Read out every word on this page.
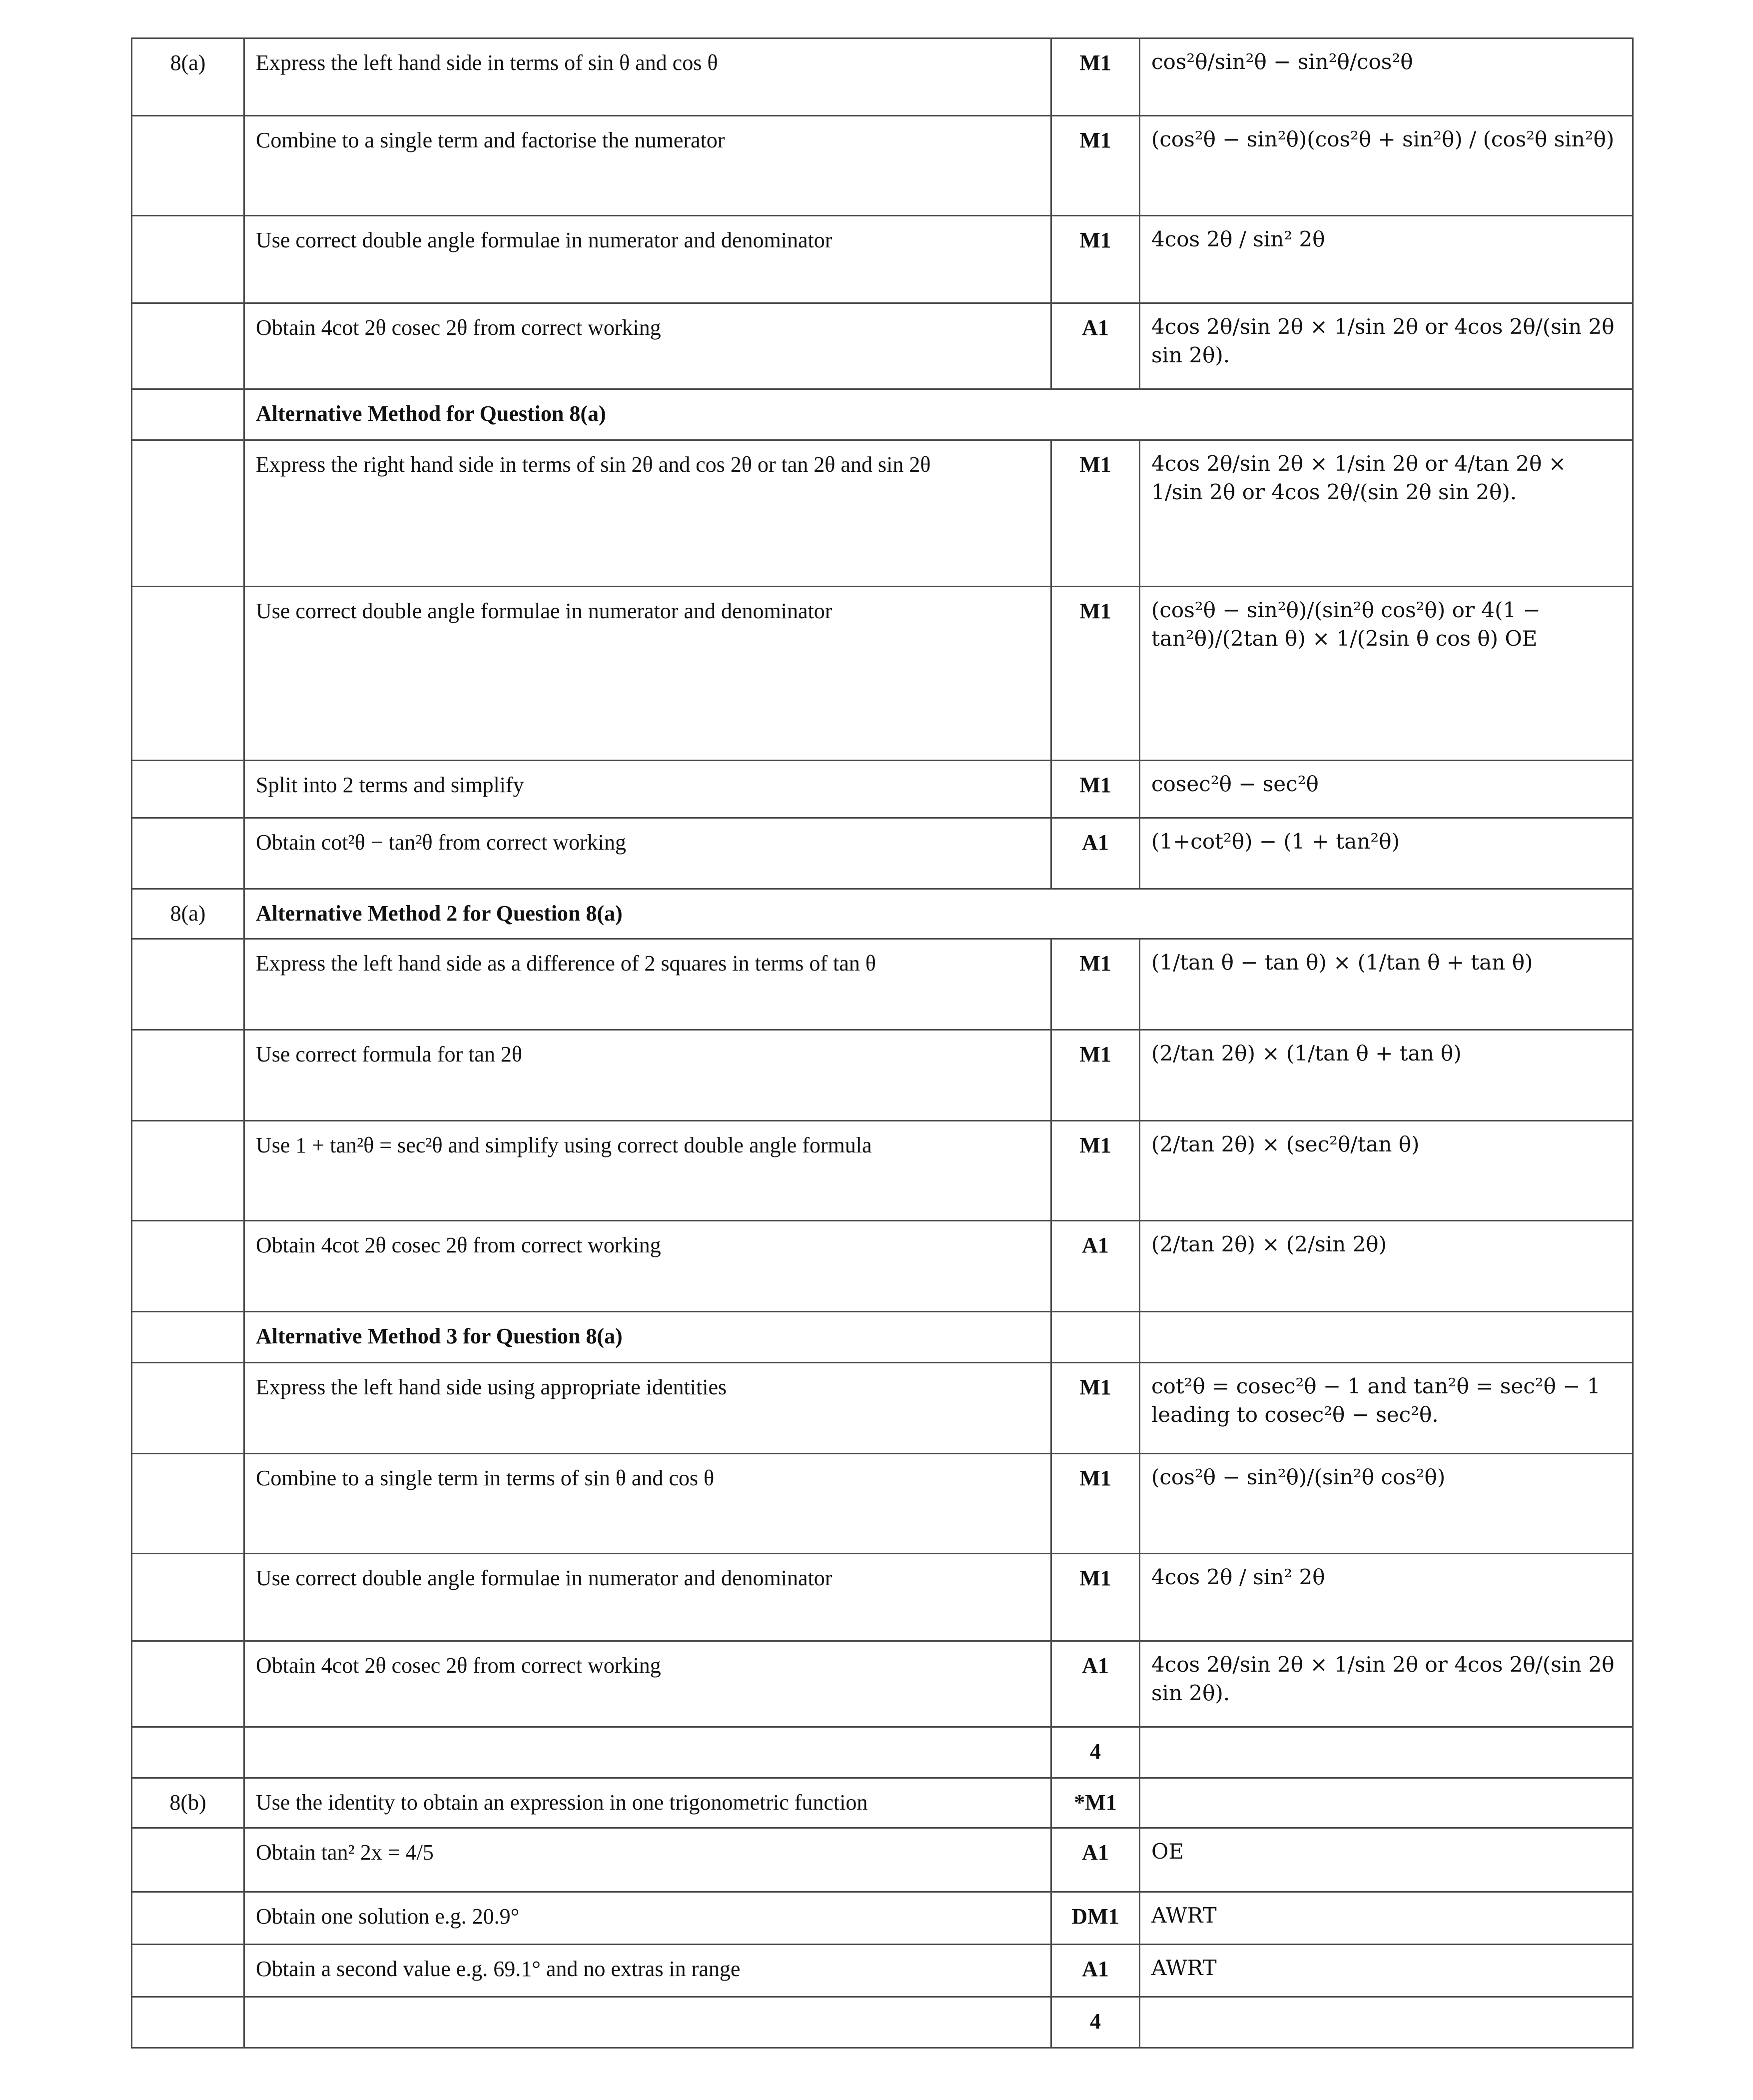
8(a)	Express the left hand side in terms of sin θ and cos θ	M1	cos²θ/sin²θ − sin²θ/cos²θ
	Combine to a single term and factorise the numerator	M1	(cos²θ − sin²θ)(cos²θ + sin²θ) / (cos²θ sin²θ)
	Use correct double angle formulae in numerator and denominator	M1	4cos 2θ / sin² 2θ
	Obtain 4cot 2θ cosec 2θ from correct working	A1	4cos 2θ/sin 2θ × 1/sin 2θ or 4cos 2θ/(sin 2θ sin 2θ).
	Alternative Method for Question 8(a)		
	Express the right hand side in terms of sin 2θ and cos 2θ or tan 2θ and sin 2θ	M1	4cos 2θ/sin 2θ × 1/sin 2θ or 4/tan 2θ × 1/sin 2θ or 4cos 2θ/(sin 2θ sin 2θ).
	Use correct double angle formulae in numerator and denominator	M1	(cos²θ − sin²θ)/(sin²θ cos²θ) or 4(1 − tan²θ)/(2tan θ) × 1/(2sin θ cos θ) OE
	Split into 2 terms and simplify	M1	cosec²θ − sec²θ
	Obtain cot²θ − tan²θ from correct working	A1	(1+cot²θ) − (1 + tan²θ)
8(a)	Alternative Method 2 for Question 8(a)		
	Express the left hand side as a difference of 2 squares in terms of tan θ	M1	(1/tan θ − tan θ) × (1/tan θ + tan θ)
	Use correct formula for tan 2θ	M1	(2/tan 2θ) × (1/tan θ + tan θ)
	Use 1 + tan²θ = sec²θ and simplify using correct double angle formula	M1	(2/tan 2θ) × (sec²θ/tan θ)
	Obtain 4cot 2θ cosec 2θ from correct working	A1	(2/tan 2θ) × (2/sin 2θ)
	Alternative Method 3 for Question 8(a)		
	Express the left hand side using appropriate identities	M1	cot²θ = cosec²θ − 1 and tan²θ = sec²θ − 1 leading to cosec²θ − sec²θ.
	Combine to a single term in terms of sin θ and cos θ	M1	(cos²θ − sin²θ)/(sin²θ cos²θ)
	Use correct double angle formulae in numerator and denominator	M1	4cos 2θ / sin² 2θ
	Obtain 4cot 2θ cosec 2θ from correct working	A1	4cos 2θ/sin 2θ × 1/sin 2θ or 4cos 2θ/(sin 2θ sin 2θ).
		4	
8(b)	Use the identity to obtain an expression in one trigonometric function	*M1	
	Obtain tan² 2x = 4/5	A1	OE
	Obtain one solution e.g. 20.9°	DM1	AWRT
	Obtain a second value e.g. 69.1° and no extras in range	A1	AWRT
		4	
